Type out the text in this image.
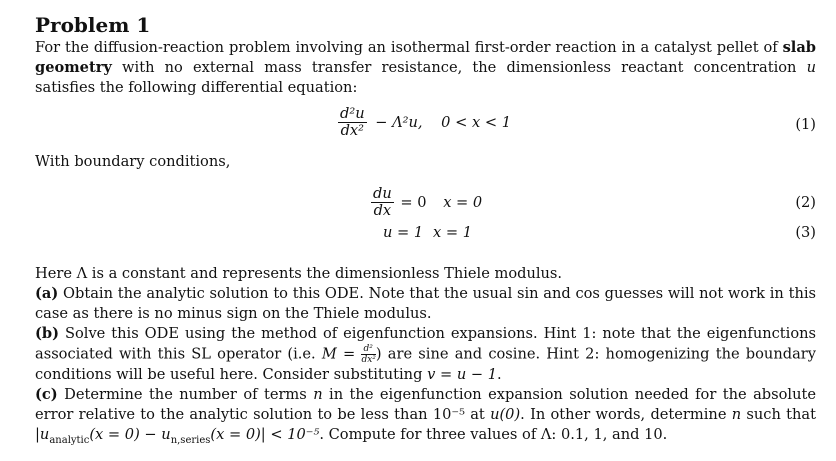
Problem 1
For the diffusion-reaction problem involving an isothermal first-order reaction in a catalyst pellet of slab geometry with no external mass transfer resistance, the dimensionless reactant concentration u satisfies the following differential equation:
$\frac{\text{d²u}}{\text{dx²}} - \Lambda^2u$, 0 < x < 1	(1)
With boundary conditions,
$\frac{du}{dx} = 0$ x = 0	(2)
u = 1 x = 1	(3)
Here Λ is a constant and represents the dimensionless Thiele modulus.
(a) Obtain the analytic solution to this ODE. Note that the usual sin and cos guesses will not work in this case as there is no minus sign on the Thiele modulus.
(b) Solve this ODE using the method of eigenfunction expansions. Hint 1: note that the eigenfunctions associated with this SL operator (i.e. $M = \frac{\text{d²}}{\text{dx²}}$ ) are sine and cosine. Hint 2: homogenizing the boundary conditions will be useful here. Consider substituting v = u − 1.
(c) Determine the number of terms n in the eigenfunction expansion solution needed for the absolute error relative to the analytic solution to be less than 10⁻⁵ at u(0). In other words, determine n such that $|u_{analytic}(x = 0) - u_{n,series}(x = 0)| < 10^{-5}$. Compute for three values of Λ: 0.1, 1, and 10.
